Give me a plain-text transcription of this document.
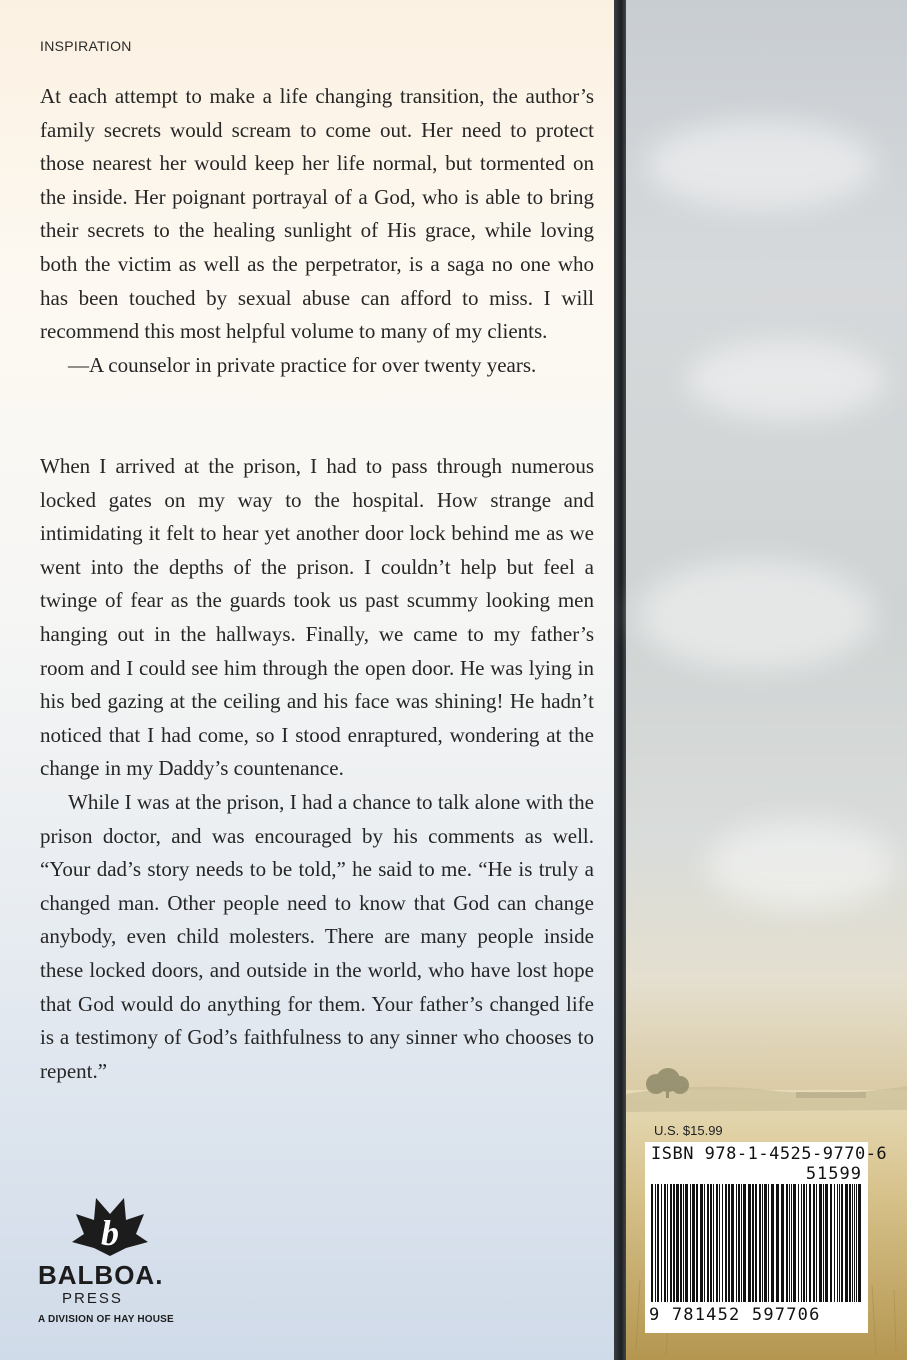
INSPIRATION

At each attempt to make a life changing transition, the author’s family secrets would scream to come out. Her need to protect those nearest her would keep her life normal, but tormented on the inside. Her poignant portrayal of a God, who is able to bring their secrets to the healing sunlight of His grace, while loving both the victim as well as the perpetrator, is a saga no one who has been touched by sexual abuse can afford to miss. I will recommend this most helpful volume to many of my clients.

—A counselor in private practice for over twenty years.

When I arrived at the prison, I had to pass through numerous locked gates on my way to the hospital. How strange and intimidating it felt to hear yet another door lock behind me as we went into the depths of the prison. I couldn’t help but feel a twinge of fear as the guards took us past scummy looking men hanging out in the hallways. Finally, we came to my father’s room and I could see him through the open door. He was lying in his bed gazing at the ceiling and his face was shining! He hadn’t noticed that I had come, so I stood enraptured, wondering at the change in my Daddy’s countenance.

While I was at the prison, I had a chance to talk alone with the prison doctor, and was encouraged by his comments as well. “Your dad’s story needs to be told,” he said to me. “He is truly a changed man. Other people need to know that God can change anybody, even child molesters. There are many people inside these locked doors, and outside in the world, who have lost hope that God would do anything for them. Your father’s changed life is a testimony of God’s faithfulness to any sinner who chooses to repent.”

b

BALBOA.

PRESS

A DIVISION OF HAY HOUSE

U.S. $15.99

ISBN 978-1-4525-9770-6
51599
9 781452 597706
